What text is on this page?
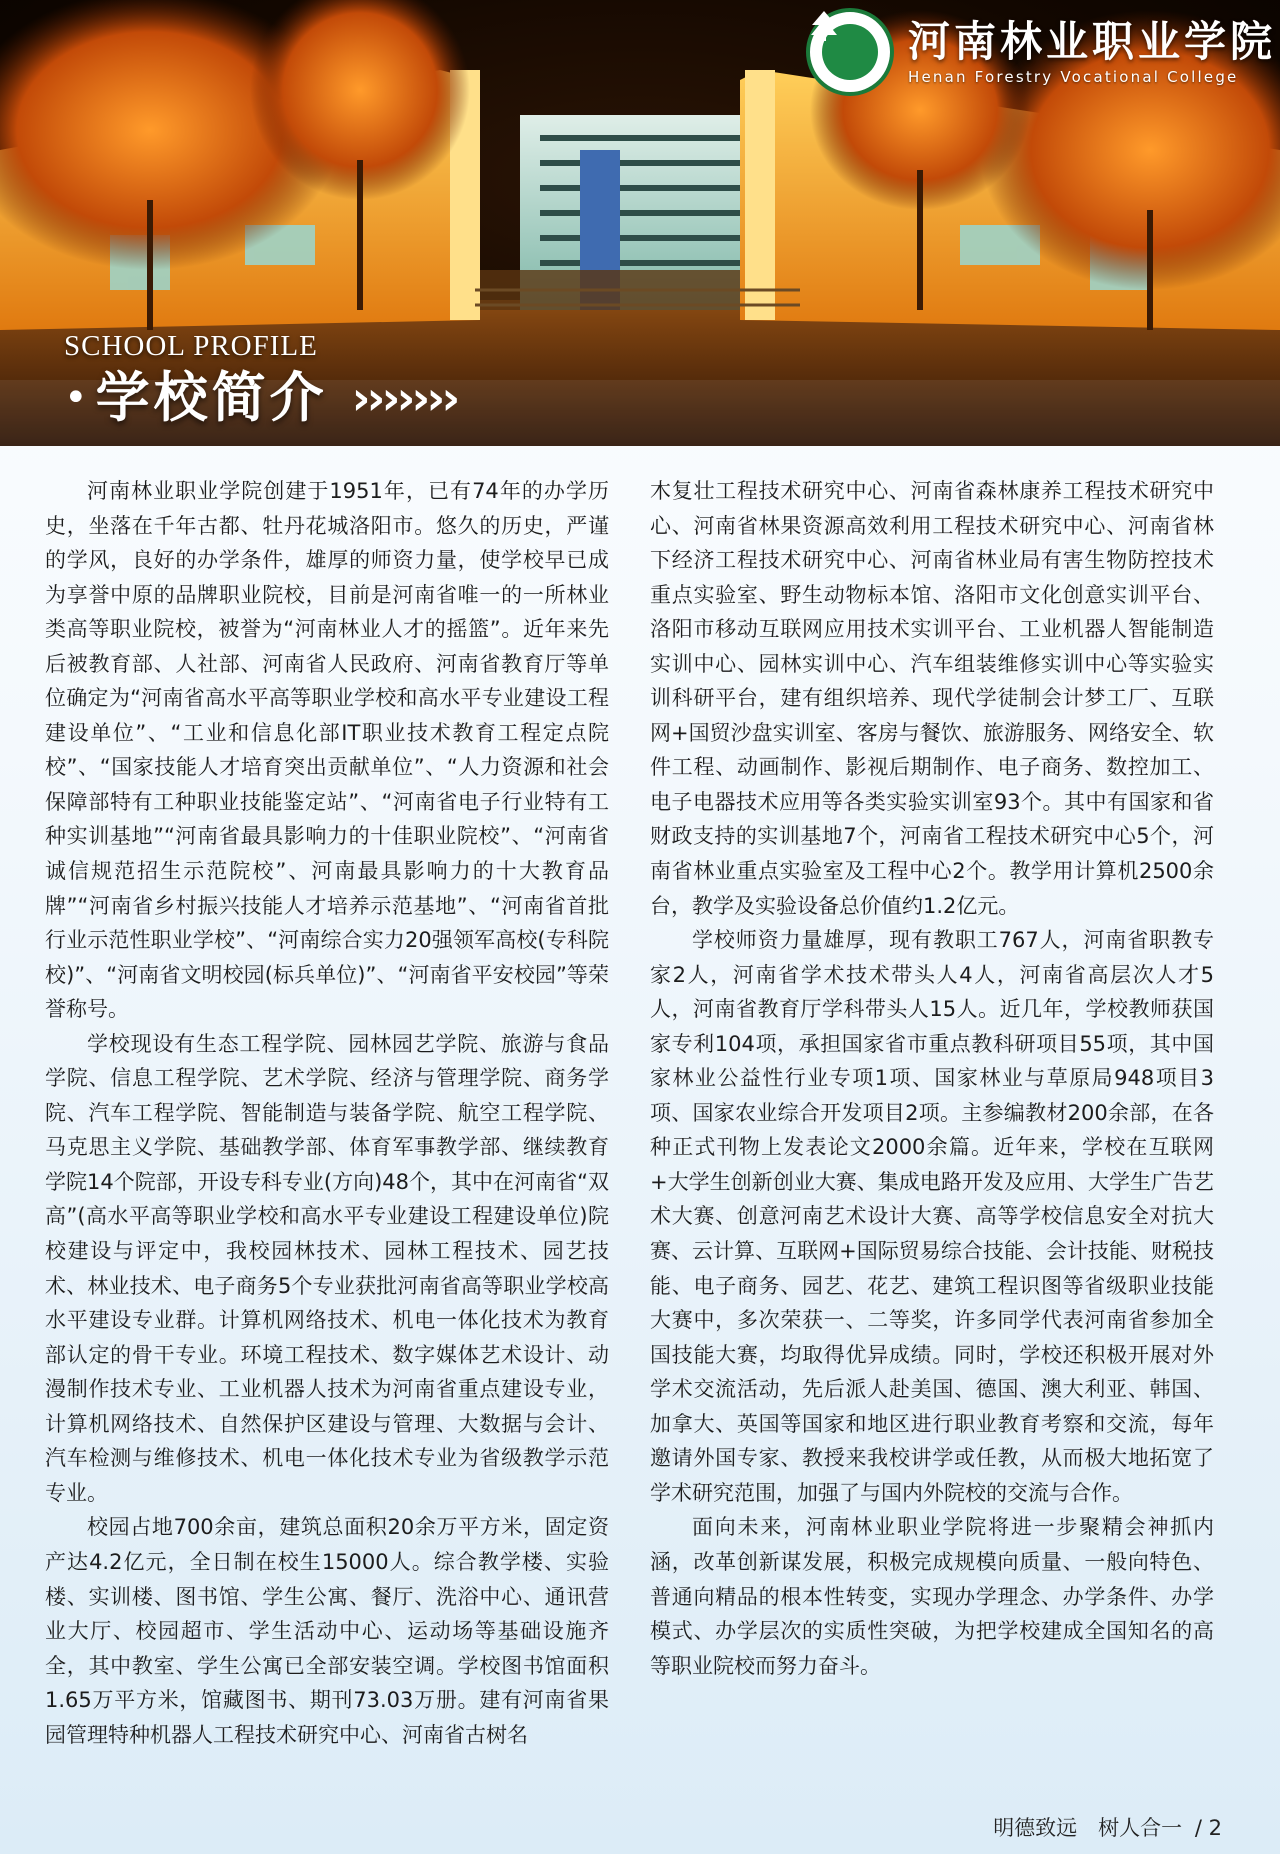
河南林业职业学院
Henan Forestry Vocational College
SCHOOL PROFILE
• 学校简介 ›››››››

河南林业职业学院创建于1951年，已有74年的办学历史，坐落在千年古都、牡丹花城洛阳市。悠久的历史，严谨的学风，良好的办学条件，雄厚的师资力量，使学校早已成为享誉中原的品牌职业院校，目前是河南省唯一的一所林业类高等职业院校，被誉为“河南林业人才的摇篮”。近年来先后被教育部、人社部、河南省人民政府、河南省教育厅等单位确定为“河南省高水平高等职业学校和高水平专业建设工程建设单位”、“工业和信息化部IT职业技术教育工程定点院校”、“国家技能人才培育突出贡献单位”、“人力资源和社会保障部特有工种职业技能鉴定站”、“河南省电子行业特有工种实训基地”“河南省最具影响力的十佳职业院校”、“河南省诚信规范招生示范院校”、河南最具影响力的十大教育品牌”“河南省乡村振兴技能人才培养示范基地”、“河南省首批行业示范性职业学校”、“河南综合实力20强领军高校(专科院校)”、“河南省文明校园(标兵单位)”、“河南省平安校园”等荣誉称号。

学校现设有生态工程学院、园林园艺学院、旅游与食品学院、信息工程学院、艺术学院、经济与管理学院、商务学院、汽车工程学院、智能制造与装备学院、航空工程学院、马克思主义学院、基础教学部、体育军事教学部、继续教育学院14个院部，开设专科专业(方向)48个，其中在河南省“双高”(高水平高等职业学校和高水平专业建设工程建设单位)院校建设与评定中，我校园林技术、园林工程技术、园艺技术、林业技术、电子商务5个专业获批河南省高等职业学校高水平建设专业群。计算机网络技术、机电一体化技术为教育部认定的骨干专业。环境工程技术、数字媒体艺术设计、动漫制作技术专业、工业机器人技术为河南省重点建设专业，计算机网络技术、自然保护区建设与管理、大数据与会计、汽车检测与维修技术、机电一体化技术专业为省级教学示范专业。

校园占地700余亩，建筑总面积20余万平方米，固定资产达4.2亿元，全日制在校生15000人。综合教学楼、实验楼、实训楼、图书馆、学生公寓、餐厅、洗浴中心、通讯营业大厅、校园超市、学生活动中心、运动场等基础设施齐全，其中教室、学生公寓已全部安装空调。学校图书馆面积1.65万平方米，馆藏图书、期刊73.03万册。建有河南省果园管理特种机器人工程技术研究中心、河南省古树名

木复壮工程技术研究中心、河南省森林康养工程技术研究中心、河南省林果资源高效利用工程技术研究中心、河南省林下经济工程技术研究中心、河南省林业局有害生物防控技术重点实验室、野生动物标本馆、洛阳市文化创意实训平台、洛阳市移动互联网应用技术实训平台、工业机器人智能制造实训中心、园林实训中心、汽车组装维修实训中心等实验实训科研平台，建有组织培养、现代学徒制会计梦工厂、互联网+国贸沙盘实训室、客房与餐饮、旅游服务、网络安全、软件工程、动画制作、影视后期制作、电子商务、数控加工、电子电器技术应用等各类实验实训室93个。其中有国家和省财政支持的实训基地7个，河南省工程技术研究中心5个，河南省林业重点实验室及工程中心2个。教学用计算机2500余台，教学及实验设备总价值约1.2亿元。

学校师资力量雄厚，现有教职工767人，河南省职教专家2人，河南省学术技术带头人4人，河南省高层次人才5人，河南省教育厅学科带头人15人。近几年，学校教师获国家专利104项，承担国家省市重点教科研项目55项，其中国家林业公益性行业专项1项、国家林业与草原局948项目3项、国家农业综合开发项目2项。主参编教材200余部，在各种正式刊物上发表论文2000余篇。近年来，学校在互联网+大学生创新创业大赛、集成电路开发及应用、大学生广告艺术大赛、创意河南艺术设计大赛、高等学校信息安全对抗大赛、云计算、互联网+国际贸易综合技能、会计技能、财税技能、电子商务、园艺、花艺、建筑工程识图等省级职业技能大赛中，多次荣获一、二等奖，许多同学代表河南省参加全国技能大赛，均取得优异成绩。同时，学校还积极开展对外学术交流活动，先后派人赴美国、德国、澳大利亚、韩国、加拿大、英国等国家和地区进行职业教育考察和交流，每年邀请外国专家、教授来我校讲学或任教，从而极大地拓宽了学术研究范围，加强了与国内外院校的交流与合作。

面向未来，河南林业职业学院将进一步聚精会神抓内涵，改革创新谋发展，积极完成规模向质量、一般向特色、普通向精品的根本性转变，实现办学理念、办学条件、办学模式、办学层次的实质性突破，为把学校建成全国知名的高等职业院校而努力奋斗。

明德致远　树人合一 / 2
